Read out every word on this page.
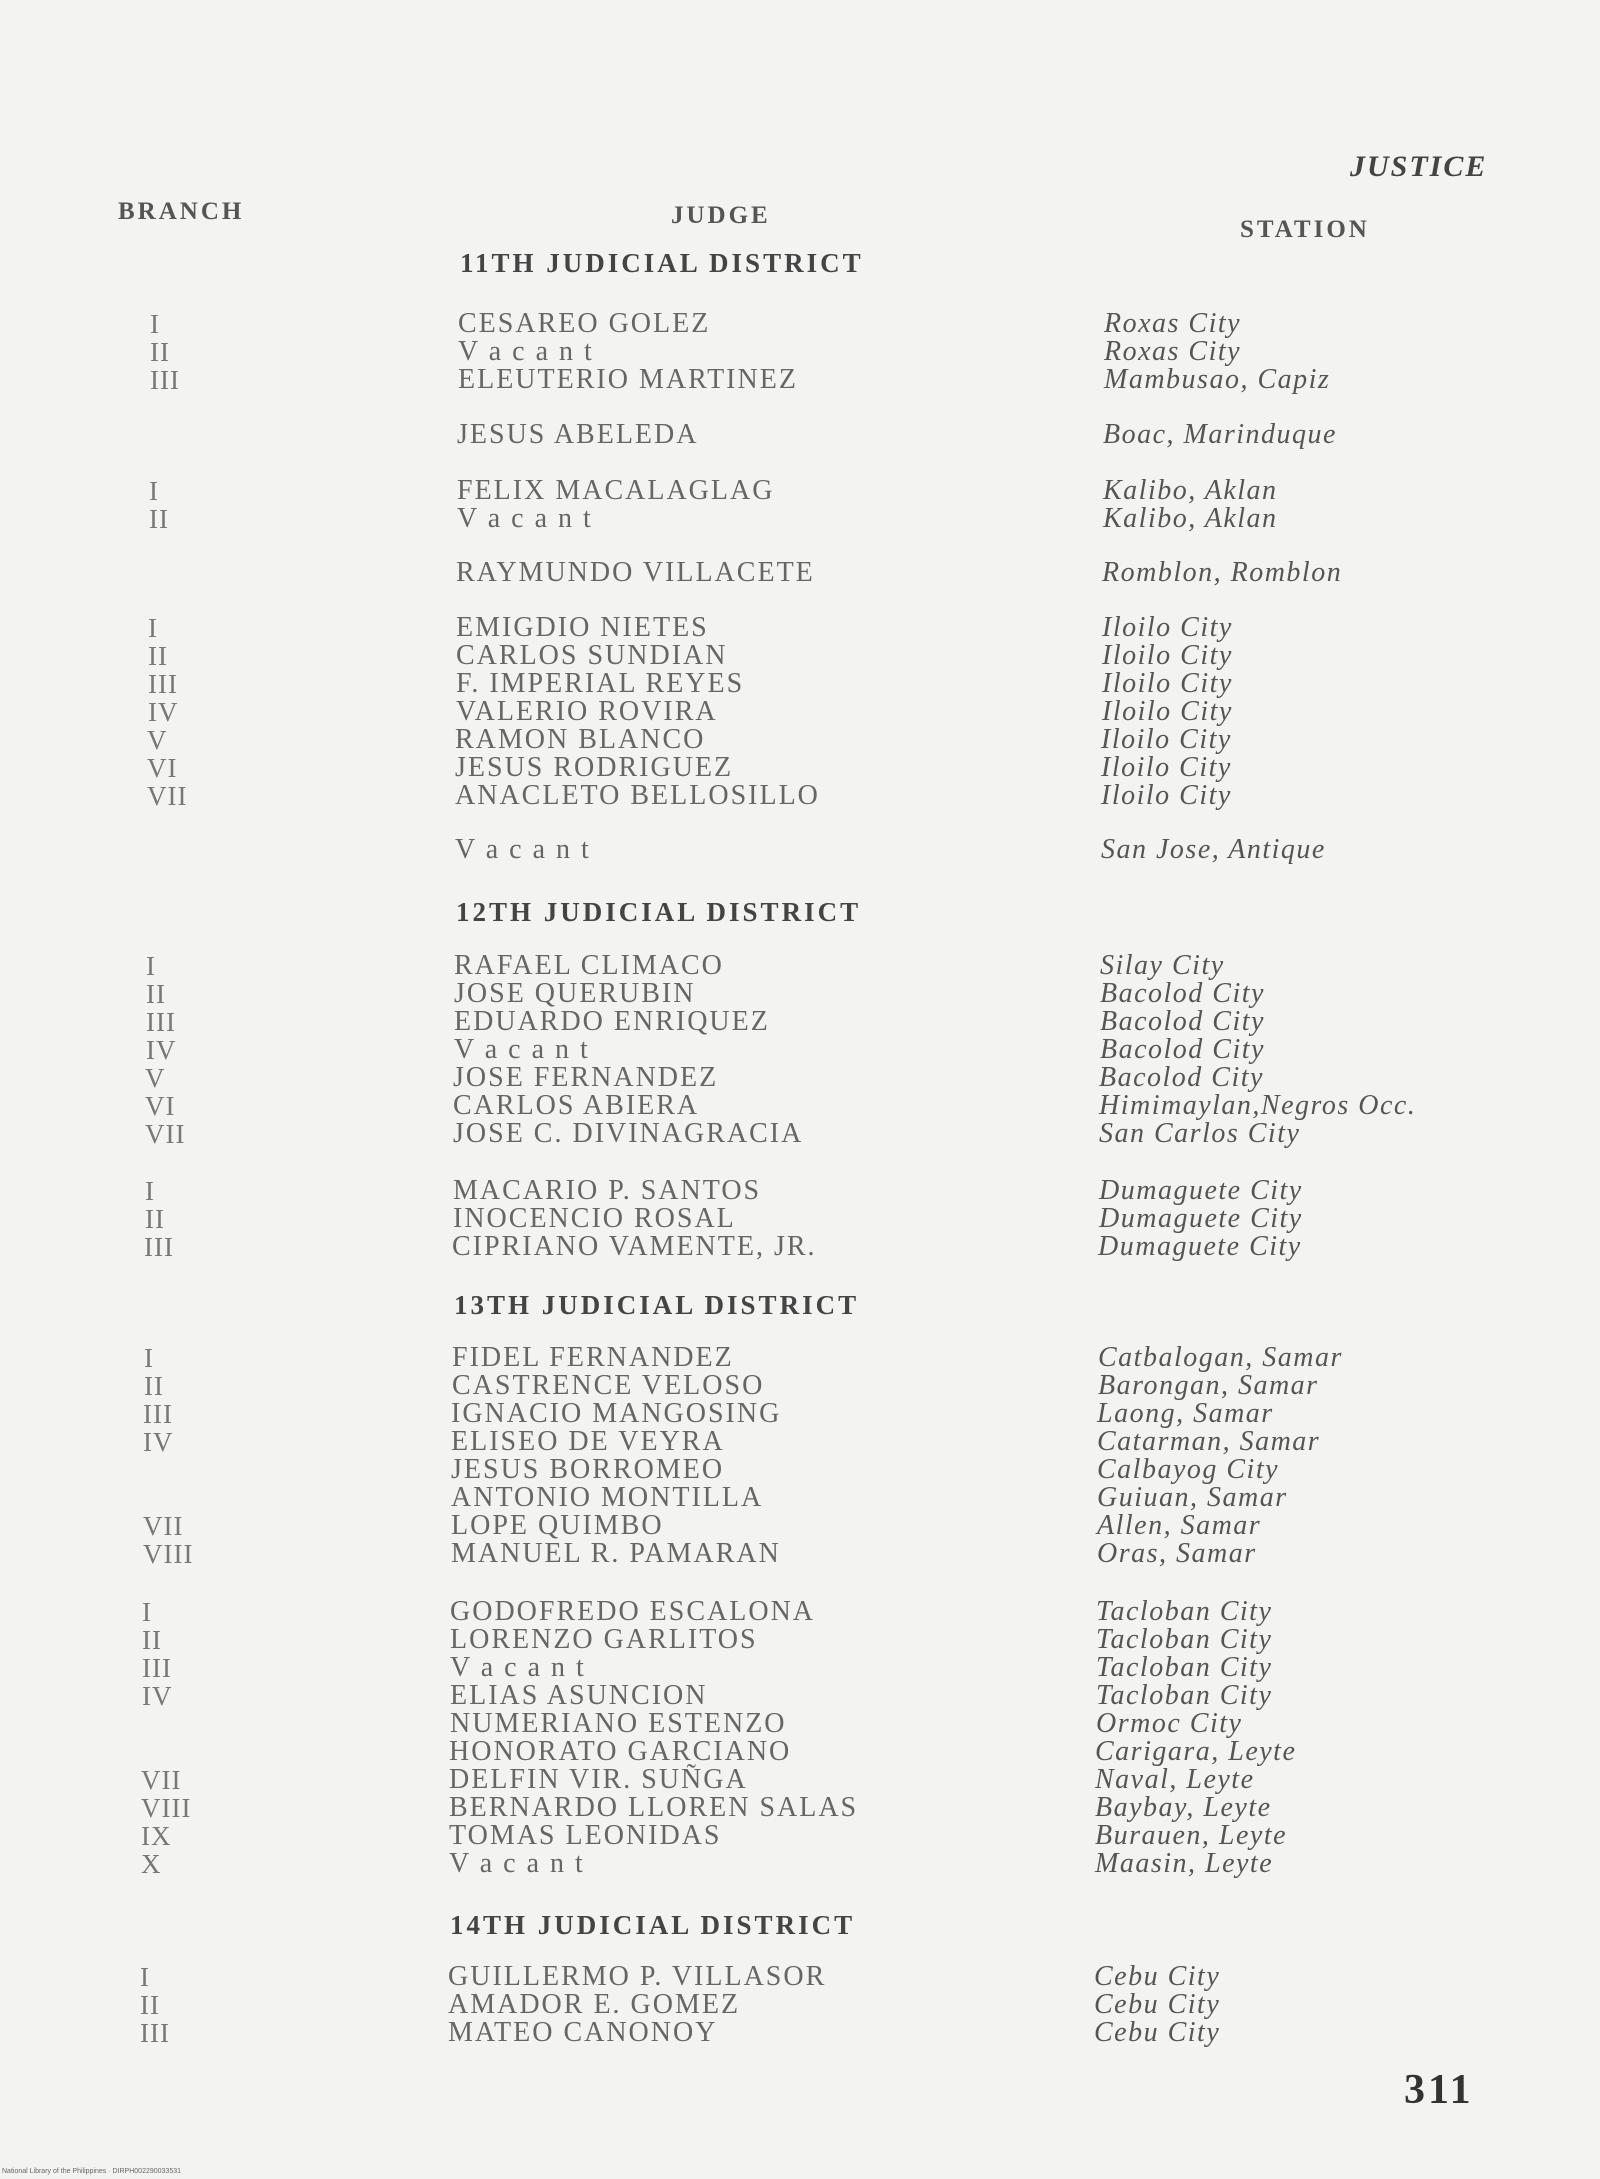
JUSTICE
BRANCH	JUDGE
STATION
11TH JUDICIAL DISTRICT
I	CESAREO GOLEZ	Roxas City
II	V a c a n t	Roxas City
III	ELEUTERIO MARTINEZ	Mambusao, Capiz
JESUS ABELEDA	Boac, Marinduque
I	FELIX MACALAGLAG	Kalibo, Aklan
II	V a c a n t	Kalibo, Aklan
RAYMUNDO VILLACETE	Romblon, Romblon
I	EMIGDIO NIETES	Iloilo City
II	CARLOS SUNDIAN	Iloilo City
III	F. IMPERIAL REYES	Iloilo City
IV	VALERIO ROVIRA	Iloilo City
V	RAMON BLANCO	Iloilo City
VI	JESUS RODRIGUEZ	Iloilo City
VII	ANACLETO BELLOSILLO	Iloilo City
V a c a n t	San Jose, Antique
12TH JUDICIAL DISTRICT
I	RAFAEL CLIMACO	Silay City
II	JOSE QUERUBIN	Bacolod City
III	EDUARDO ENRIQUEZ	Bacolod City
IV	V a c a n t	Bacolod City
V	JOSE FERNANDEZ	Bacolod City
VI	CARLOS ABIERA	Himimaylan,Negros Occ.
VII	JOSE C. DIVINAGRACIA	San Carlos City
I	MACARIO P. SANTOS	Dumaguete City
II	INOCENCIO ROSAL	Dumaguete City
III	CIPRIANO VAMENTE, JR.	Dumaguete City
13TH JUDICIAL DISTRICT
I	FIDEL FERNANDEZ	Catbalogan, Samar
II	CASTRENCE VELOSO	Barongan, Samar
III	IGNACIO MANGOSING	Laong, Samar
IV	ELISEO DE VEYRA	Catarman, Samar
JESUS BORROMEO	Calbayog City
ANTONIO MONTILLA	Guiuan, Samar
VII	LOPE QUIMBO	Allen, Samar
VIII	MANUEL R. PAMARAN	Oras, Samar
I	GODOFREDO ESCALONA	Tacloban City
II	LORENZO GARLITOS	Tacloban City
III	V a c a n t	Tacloban City
IV	ELIAS ASUNCION	Tacloban City
NUMERIANO ESTENZO	Ormoc City
HONORATO GARCIANO	Carigara, Leyte
VII	DELFIN VIR. SUÑGA	Naval, Leyte
VIII	BERNARDO LLOREN SALAS	Baybay, Leyte
IX	TOMAS LEONIDAS	Burauen, Leyte
X	V a c a n t	Maasin, Leyte
14TH JUDICIAL DISTRICT
I	GUILLERMO P. VILLASOR	Cebu City
II	AMADOR E. GOMEZ	Cebu City
III	MATEO CANONOY	Cebu City
311
National Library of the Philippines · DIRPH002290033531
